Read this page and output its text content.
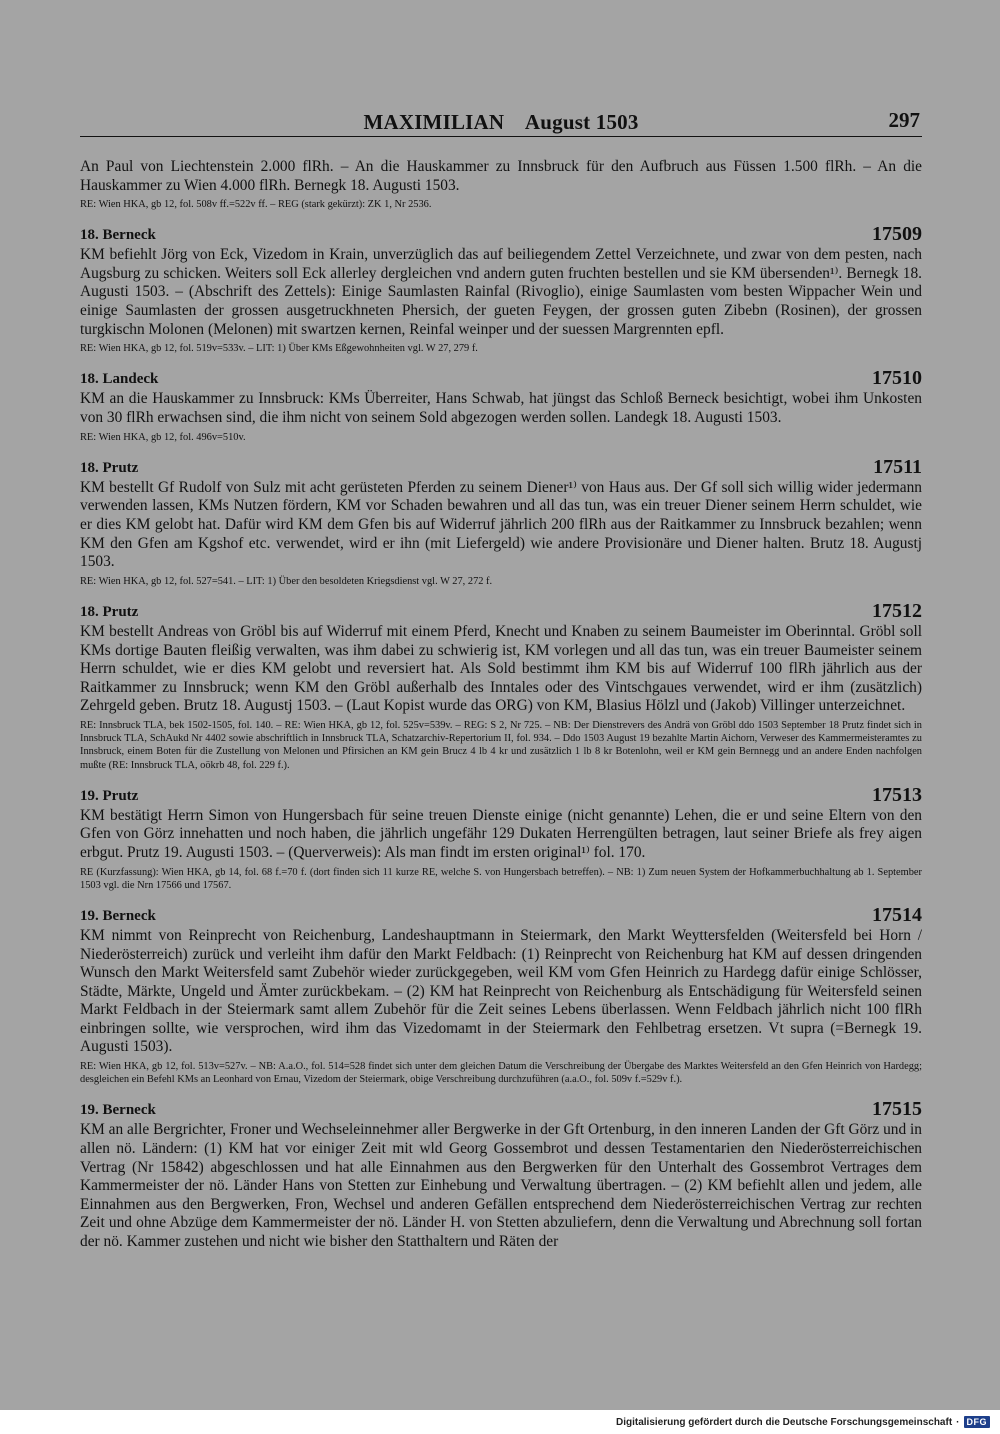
MAXIMILIAN    August 1503	297

An Paul von Liechtenstein 2.000 flRh. – An die Hauskammer zu Innsbruck für den Aufbruch aus Füssen 1.500 flRh. – An die Hauskammer zu Wien 4.000 flRh. Bernegk 18. Augusti 1503.

RE: Wien HKA, gb 12, fol. 508v ff.=522v ff. – REG (stark gekürzt): ZK 1, Nr 2536.

18. Berneck	17509

KM befiehlt Jörg von Eck, Vizedom in Krain, unverzüglich das auf beiliegendem Zettel Verzeichnete, und zwar von dem pesten, nach Augsburg zu schicken. Weiters soll Eck allerley dergleichen vnd andern guten fruchten bestellen und sie KM übersenden¹⁾. Bernegk 18. Augusti 1503. – (Abschrift des Zettels): Einige Saumlasten Rainfal (Rivoglio), einige Saumlasten vom besten Wippacher Wein und einige Saumlasten der grossen ausgetruckhneten Phersich, der gueten Feygen, der grossen guten Zibebn (Rosinen), der grossen turgkischn Molonen (Melonen) mit swartzen kernen, Reinfal weinper und der suessen Margrennten epfl.

RE: Wien HKA, gb 12, fol. 519v=533v. – LIT: 1) Über KMs Eßgewohnheiten vgl. W 27, 279 f.

18. Landeck	17510

KM an die Hauskammer zu Innsbruck: KMs Überreiter, Hans Schwab, hat jüngst das Schloß Berneck besichtigt, wobei ihm Unkosten von 30 flRh erwachsen sind, die ihm nicht von seinem Sold abgezogen werden sollen. Landegk 18. Augusti 1503.

RE: Wien HKA, gb 12, fol. 496v=510v.

18. Prutz	17511

KM bestellt Gf Rudolf von Sulz mit acht gerüsteten Pferden zu seinem Diener¹⁾ von Haus aus. Der Gf soll sich willig wider jedermann verwenden lassen, KMs Nutzen fördern, KM vor Schaden bewahren und all das tun, was ein treuer Diener seinem Herrn schuldet, wie er dies KM gelobt hat. Dafür wird KM dem Gfen bis auf Widerruf jährlich 200 flRh aus der Raitkammer zu Innsbruck bezahlen; wenn KM den Gfen am Kgshof etc. verwendet, wird er ihn (mit Liefergeld) wie andere Provisionäre und Diener halten. Brutz 18. Augustj 1503.

RE: Wien HKA, gb 12, fol. 527=541. – LIT: 1) Über den besoldeten Kriegsdienst vgl. W 27, 272 f.

18. Prutz	17512

KM bestellt Andreas von Gröbl bis auf Widerruf mit einem Pferd, Knecht und Knaben zu seinem Baumeister im Oberinntal. Gröbl soll KMs dortige Bauten fleißig verwalten, was ihm dabei zu schwierig ist, KM vorlegen und all das tun, was ein treuer Baumeister seinem Herrn schuldet, wie er dies KM gelobt und reversiert hat. Als Sold bestimmt ihm KM bis auf Widerruf 100 flRh jährlich aus der Raitkammer zu Innsbruck; wenn KM den Gröbl außerhalb des Inntales oder des Vintschgaues verwendet, wird er ihm (zusätzlich) Zehrgeld geben. Brutz 18. Augustj 1503. – (Laut Kopist wurde das ORG) von KM, Blasius Hölzl und (Jakob) Villinger unterzeichnet.

RE: Innsbruck TLA, bek 1502-1505, fol. 140. – RE: Wien HKA, gb 12, fol. 525v=539v. – REG: S 2, Nr 725. – NB: Der Dienstrevers des Andrä von Gröbl ddo 1503 September 18 Prutz findet sich in Innsbruck TLA, SchAukd Nr 4402 sowie abschriftlich in Innsbruck TLA, Schatzarchiv-Repertorium II, fol. 934. – Ddo 1503 August 19 bezahlte Martin Aichorn, Verweser des Kammermeisteramtes zu Innsbruck, einem Boten für die Zustellung von Melonen und Pfirsichen an KM gein Brucz 4 lb 4 kr und zusätzlich 1 lb 8 kr Botenlohn, weil er KM gein Bernnegg und an andere Enden nachfolgen mußte (RE: Innsbruck TLA, oökrb 48, fol. 229 f.).

19. Prutz	17513

KM bestätigt Herrn Simon von Hungersbach für seine treuen Dienste einige (nicht genannte) Lehen, die er und seine Eltern von den Gfen von Görz innehatten und noch haben, die jährlich ungefähr 129 Dukaten Herrengülten betragen, laut seiner Briefe als frey aigen erbgut. Prutz 19. Augusti 1503. – (Querverweis): Als man findt im ersten original¹⁾ fol. 170.

RE (Kurzfassung): Wien HKA, gb 14, fol. 68 f.=70 f. (dort finden sich 11 kurze RE, welche S. von Hungersbach betreffen). – NB: 1) Zum neuen System der Hofkammerbuchhaltung ab 1. September 1503 vgl. die Nrn 17566 und 17567.

19. Berneck	17514

KM nimmt von Reinprecht von Reichenburg, Landeshauptmann in Steiermark, den Markt Weyttersfelden (Weitersfeld bei Horn / Niederösterreich) zurück und verleiht ihm dafür den Markt Feldbach: (1) Reinprecht von Reichenburg hat KM auf dessen dringenden Wunsch den Markt Weitersfeld samt Zubehör wieder zurückgegeben, weil KM vom Gfen Heinrich zu Hardegg dafür einige Schlösser, Städte, Märkte, Ungeld und Ämter zurückbekam. – (2) KM hat Reinprecht von Reichenburg als Entschädigung für Weitersfeld seinen Markt Feldbach in der Steiermark samt allem Zubehör für die Zeit seines Lebens überlassen. Wenn Feldbach jährlich nicht 100 flRh einbringen sollte, wie versprochen, wird ihm das Vizedomamt in der Steiermark den Fehlbetrag ersetzen. Vt supra (=Bernegk 19. Augusti 1503).

RE: Wien HKA, gb 12, fol. 513v=527v. – NB: A.a.O., fol. 514=528 findet sich unter dem gleichen Datum die Verschreibung der Übergabe des Marktes Weitersfeld an den Gfen Heinrich von Hardegg; desgleichen ein Befehl KMs an Leonhard von Ernau, Vizedom der Steiermark, obige Verschreibung durchzuführen (a.a.O., fol. 509v f.=529v f.).

19. Berneck	17515

KM an alle Bergrichter, Froner und Wechseleinnehmer aller Bergwerke in der Gft Ortenburg, in den inneren Landen der Gft Görz und in allen nö. Ländern: (1) KM hat vor einiger Zeit mit wld Georg Gossembrot und dessen Testamentarien den Niederösterreichischen Vertrag (Nr 15842) abgeschlossen und hat alle Einnahmen aus den Bergwerken für den Unterhalt des Gossembrot Vertrages dem Kammermeister der nö. Länder Hans von Stetten zur Einhebung und Verwaltung übertragen. – (2) KM befiehlt allen und jedem, alle Einnahmen aus den Bergwerken, Fron, Wechsel und anderen Gefällen entsprechend dem Niederösterreichischen Vertrag zur rechten Zeit und ohne Abzüge dem Kammermeister der nö. Länder H. von Stetten abzuliefern, denn die Verwaltung und Abrechnung soll fortan der nö. Kammer zustehen und nicht wie bisher den Statthaltern und Räten der

Digitalisierung gefördert durch die Deutsche Forschungsgemeinschaft · DFG
